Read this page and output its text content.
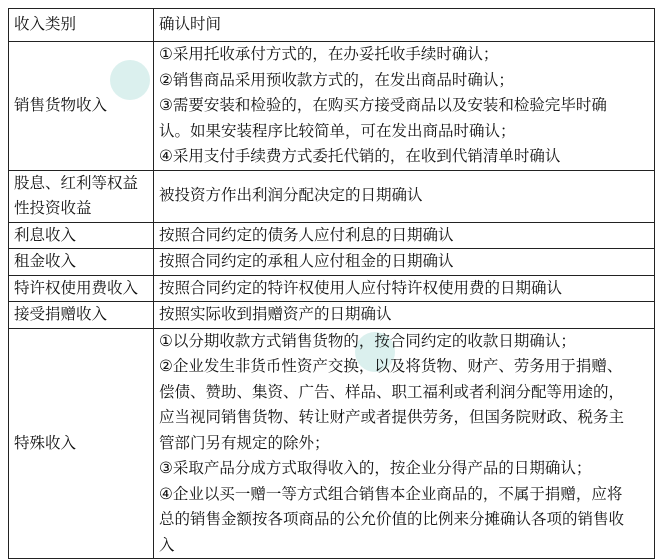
收入类别	确认时间
销售货物收入	①采用托收承付方式的，在办妥托收手续时确认；
②销售商品采用预收款方式的，在发出商品时确认；
③需要安装和检验的，在购买方接受商品以及安装和检验完毕时确认。如果安装程序比较简单，可在发出商品时确认；
④采用支付手续费方式委托代销的，在收到代销清单时确认

股息、红利等权益性投资收益	被投资方作出利润分配决定的日期确认
利息收入	按照合同约定的债务人应付利息的日期确认
租金收入	按照合同约定的承租人应付租金的日期确认
特许权使用费收入	按照合同约定的特许权使用人应付特许权使用费的日期确认
接受捐赠收入	按照实际收到捐赠资产的日期确认
特殊收入	①以分期收款方式销售货物的，按合同约定的收款日期确认；
②企业发生非货币性资产交换，以及将货物、财产、劳务用于捐赠、偿债、赞助、集资、广告、样品、职工福利或者利润分配等用途的，应当视同销售货物、转让财产或者提供劳务，但国务院财政、税务主管部门另有规定的除外；
③采取产品分成方式取得收入的，按企业分得产品的日期确认；
④企业以买一赠一等方式组合销售本企业商品的，不属于捐赠，应将总的销售金额按各项商品的公允价值的比例来分摊确认各项的销售收入
